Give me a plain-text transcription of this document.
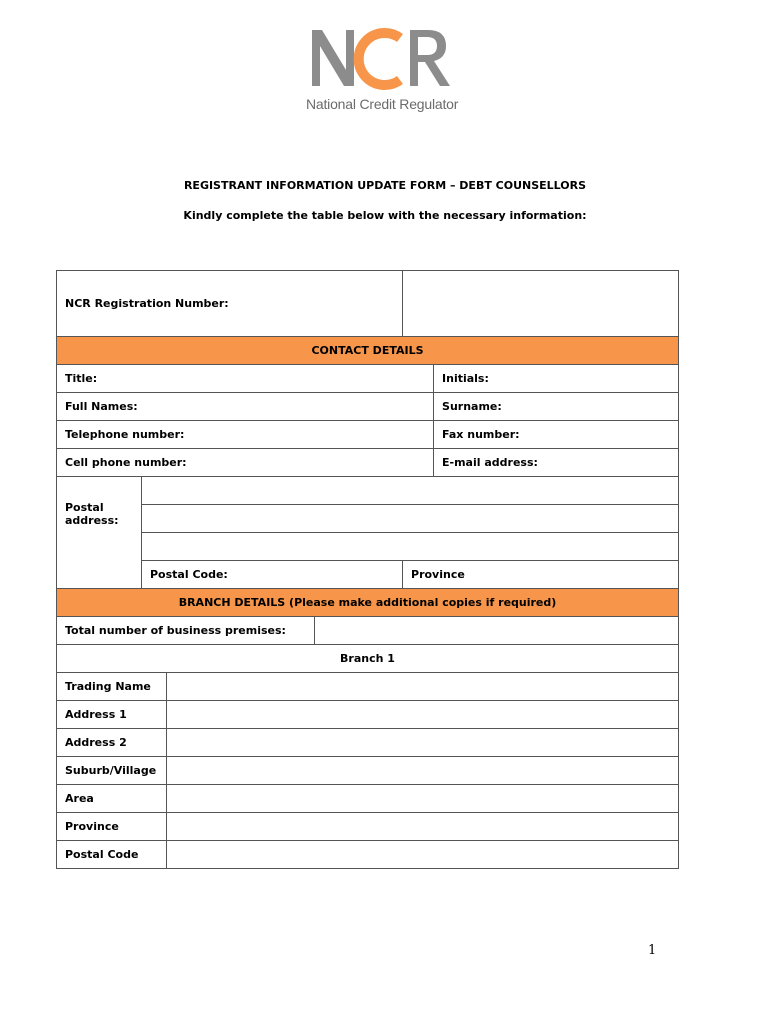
National Credit Regulator
REGISTRANT INFORMATION UPDATE FORM – DEBT COUNSELLORS
Kindly complete the table below with the necessary information:
NCR Registration Number:					
CONTACT DETAILS					
Title:					Initials:
Full Names:					Surname:
Telephone number:					Fax number:
Cell phone number:					E-mail address:
Postal address:					

	Postal Code:			Province	
BRANCH DETAILS (Please make additional copies if required)					
Total number of business premises:					
Branch 1					
Trading Name					
Address 1					
Address 2					
Suburb/Village					
Area					
Province					
Postal Code					
1
